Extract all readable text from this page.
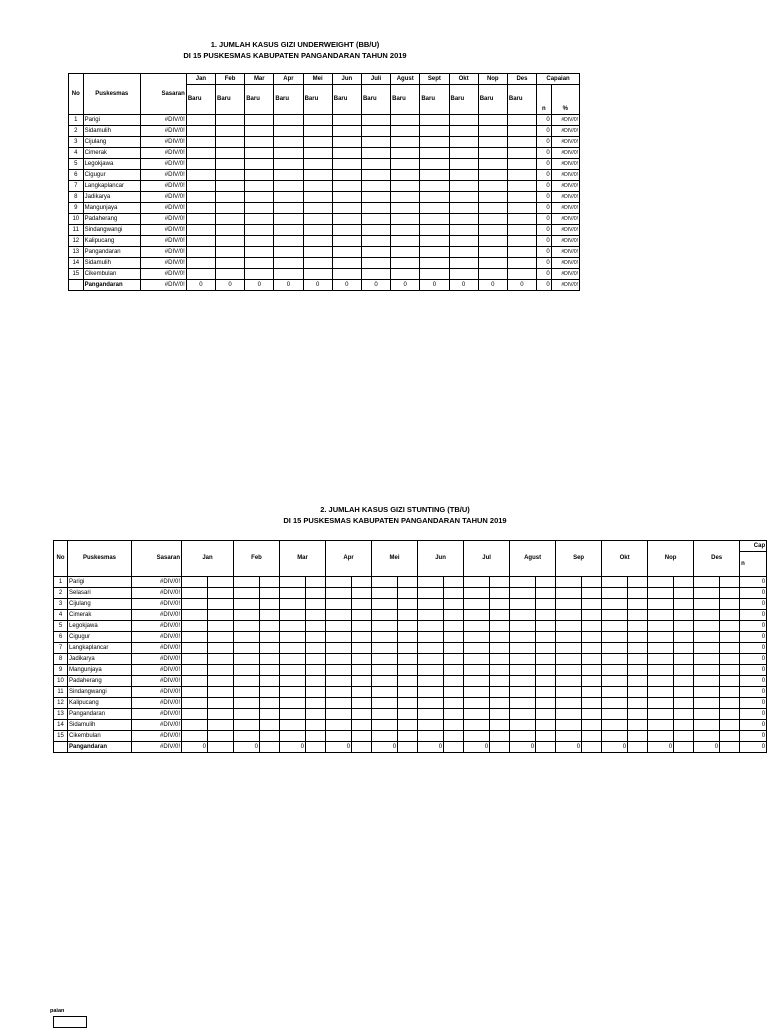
1. JUMLAH KASUS GIZI UNDERWEIGHT (BB/U)
DI 15 PUSKESMAS KABUPATEN PANGANDARAN TAHUN 2019
No	Puskesmas	Sasaran	Jan	Feb	Mar	Apr	Mei	Jun	Juli	Agust	Sept	Okt	Nop	Des	Capaian	
			Baru	Baru	Baru	Baru	Baru	Baru	Baru	Baru	Baru	Baru	Baru	Baru	n	%
1	Parigi	#DIV/0!													0	#DIV/0!
2	Sidamulih	#DIV/0!													0	#DIV/0!
3	Cijulang	#DIV/0!													0	#DIV/0!
4	Cimerak	#DIV/0!													0	#DIV/0!
5	Legokjawa	#DIV/0!													0	#DIV/0!
6	Cigugur	#DIV/0!													0	#DIV/0!
7	Langkaplancar	#DIV/0!													0	#DIV/0!
8	Jadikarya	#DIV/0!													0	#DIV/0!
9	Mangunjaya	#DIV/0!													0	#DIV/0!
10	Padaherang	#DIV/0!													0	#DIV/0!
11	Sindangwangi	#DIV/0!													0	#DIV/0!
12	Kalipucang	#DIV/0!													0	#DIV/0!
13	Pangandaran	#DIV/0!													0	#DIV/0!
14	Sidamulih	#DIV/0!													0	#DIV/0!
15	Cikembulan	#DIV/0!													0	#DIV/0!
	Pangandaran	#DIV/0!	0	0	0	0	0	0	0	0	0	0	0	0	0	#DIV/0!
2. JUMLAH KASUS GIZI STUNTING (TB/U)
DI 15 PUSKESMAS KABUPATEN PANGANDARAN TAHUN 2019
No	Puskesmas	Sasaran	Jan		Feb		Mar		Apr		Mei		Jun		Jul		Agust		Sep		Okt		Nop		Des		Cap
																											n
1	Parigi	#DIV/0!																									0
2	Selasari	#DIV/0!																									0
3	Cijulang	#DIV/0!																									0
4	Cimerak	#DIV/0!																									0
5	Legokjawa	#DIV/0!																									0
6	Cigugur	#DIV/0!																									0
7	Langkaplancar	#DIV/0!																									0
8	Jadikarya	#DIV/0!																									0
9	Mangunjaya	#DIV/0!																									0
10	Padaherang	#DIV/0!																									0
11	Sindangwangi	#DIV/0!																									0
12	Kalipucang	#DIV/0!																									0
13	Pangandaran	#DIV/0!																									0
14	Sidamulih	#DIV/0!																									0
15	Cikembulan	#DIV/0!																									0
	Pangandaran	#DIV/0!	0		0		0		0		0		0		0		0		0		0		0		0		0
paian
